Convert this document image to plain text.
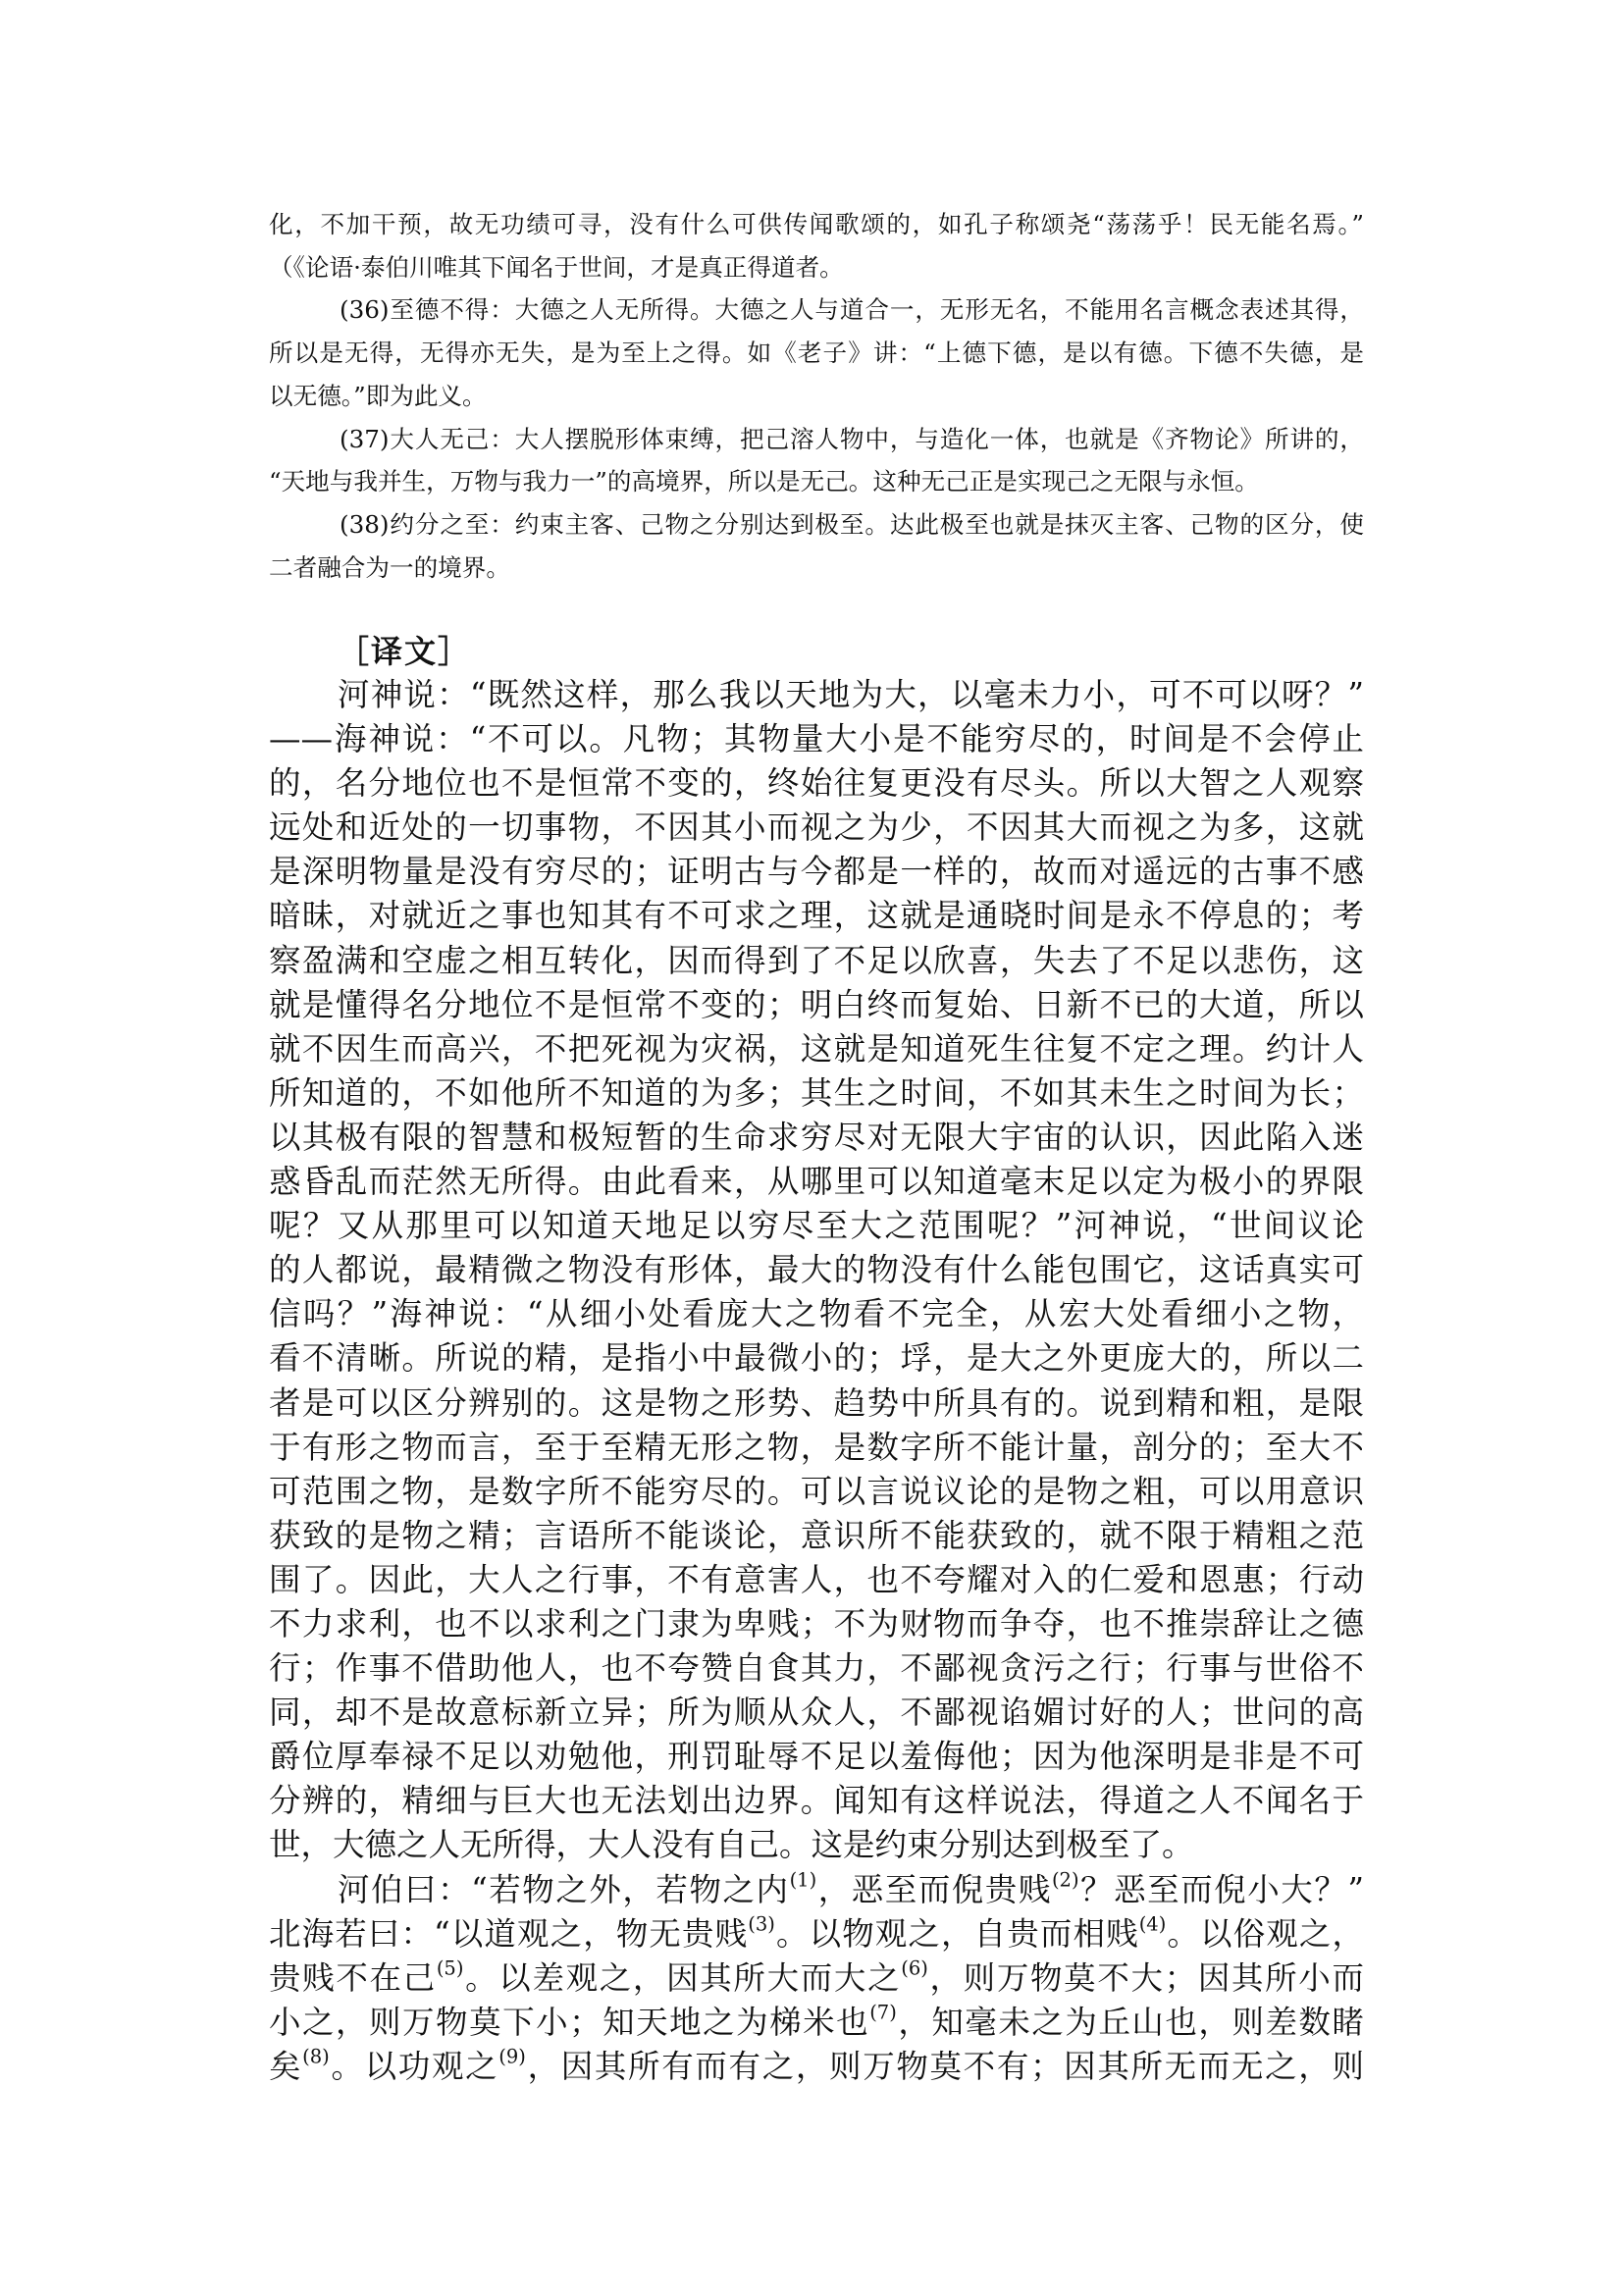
化，不加干预，故无功绩可寻，没有什么可供传闻歌颂的，如孔子称颂尧“荡荡乎！民无能名焉。”
（《论语·泰伯川唯其下闻名于世间，才是真正得道者。
(36)至德不得：大德之人无所得。大德之人与道合一，无形无名，不能用名言概念表述其得，
所以是无得，无得亦无失，是为至上之得。如《老子》讲：“上德下德，是以有德。下德不失德，是
以无德。”即为此义。
(37)大人无己：大人摆脱形体束缚，把己溶人物中，与造化一体，也就是《齐物论》所讲的，
“天地与我并生，万物与我力一”的高境界，所以是无己。这种无己正是实现己之无限与永恒。
(38)约分之至：约束主客、己物之分别达到极至。达此极至也就是抹灭主客、己物的区分，使
二者融合为一的境界。
［译文］
河神说：“既然这样，那么我以天地为大，以毫未力小，可不可以呀？”
——海神说：“不可以。凡物；其物量大小是不能穷尽的，时间是不会停止
的，名分地位也不是恒常不变的，终始往复更没有尽头。所以大智之人观察
远处和近处的一切事物，不因其小而视之为少，不因其大而视之为多，这就
是深明物量是没有穷尽的；证明古与今都是一样的，故而对遥远的古事不感
暗昧，对就近之事也知其有不可求之理，这就是通晓时间是永不停息的；考
察盈满和空虚之相互转化，因而得到了不足以欣喜，失去了不足以悲伤，这
就是懂得名分地位不是恒常不变的；明白终而复始、日新不已的大道，所以
就不因生而高兴，不把死视为灾祸，这就是知道死生往复不定之理。约计人
所知道的，不如他所不知道的为多；其生之时间，不如其未生之时间为长；
以其极有限的智慧和极短暂的生命求穷尽对无限大宇宙的认识，因此陷入迷
惑昏乱而茫然无所得。由此看来，从哪里可以知道毫末足以定为极小的界限
呢？又从那里可以知道天地足以穷尽至大之范围呢？”河神说，“世间议论
的人都说，最精微之物没有形体，最大的物没有什么能包围它，这话真实可
信吗？”海神说：“从细小处看庞大之物看不完全，从宏大处看细小之物，
看不清晰。所说的精，是指小中最微小的；垺，是大之外更庞大的，所以二
者是可以区分辨别的。这是物之形势、趋势中所具有的。说到精和粗，是限
于有形之物而言，至于至精无形之物，是数字所不能计量，剖分的；至大不
可范围之物，是数字所不能穷尽的。可以言说议论的是物之粗，可以用意识
获致的是物之精；言语所不能谈论，意识所不能获致的，就不限于精粗之范
围了。因此，大人之行事，不有意害人，也不夸耀对入的仁爱和恩惠；行动
不力求利，也不以求利之门隶为卑贱；不为财物而争夺，也不推崇辞让之德
行；作事不借助他人，也不夸赞自食其力，不鄙视贪污之行；行事与世俗不
同，却不是故意标新立异；所为顺从众人，不鄙视谄媚讨好的人；世问的高
爵位厚奉禄不足以劝勉他，刑罚耻辱不足以羞侮他；因为他深明是非是不可
分辨的，精细与巨大也无法划出边界。闻知有这样说法，得道之人不闻名于
世，大德之人无所得，大人没有自己。这是约束分别达到极至了。
河伯曰：“若物之外，若物之内$^{(1)}$，恶至而倪贵贱$^{(2)}$？恶至而倪小大？”
北海若曰：“以道观之，物无贵贱$^{(3)}$。以物观之，自贵而相贱$^{(4)}$。以俗观之，
贵贱不在己$^{(5)}$。以差观之，因其所大而大之$^{(6)}$，则万物莫不大；因其所小而
小之，则万物莫下小；知天地之为梯米也$^{(7)}$，知毫未之为丘山也，则差数睹
矣$^{(8)}$。以功观之$^{(9)}$，因其所有而有之，则万物莫不有；因其所无而无之，则
